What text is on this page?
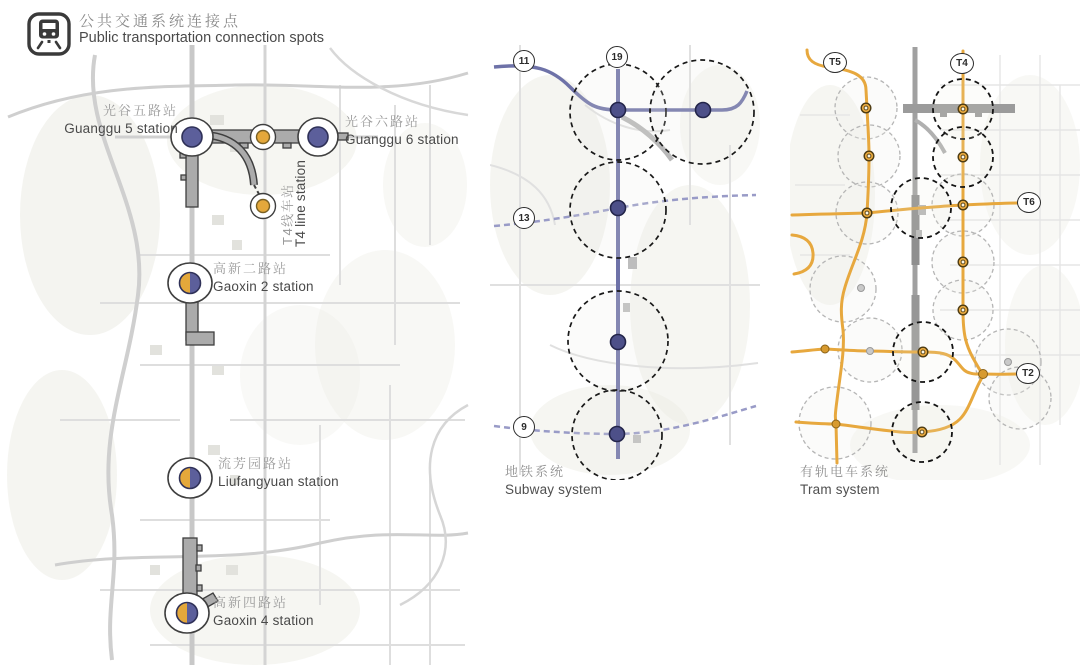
公共交通系统连接点
Public transportation connection spots
光谷五路站
Guanggu 5 station	光谷六路站
Guanggu 6 station
T4线车站
T4 line station
高新二路站
Gaoxin 2 station
流芳园路站
Liufangyuan station
高新四路站
Gaoxin 4 station
11	19
13
9
地铁系统
Subway system
T5	T4
T6
T2
有轨电车系统
Tram system
